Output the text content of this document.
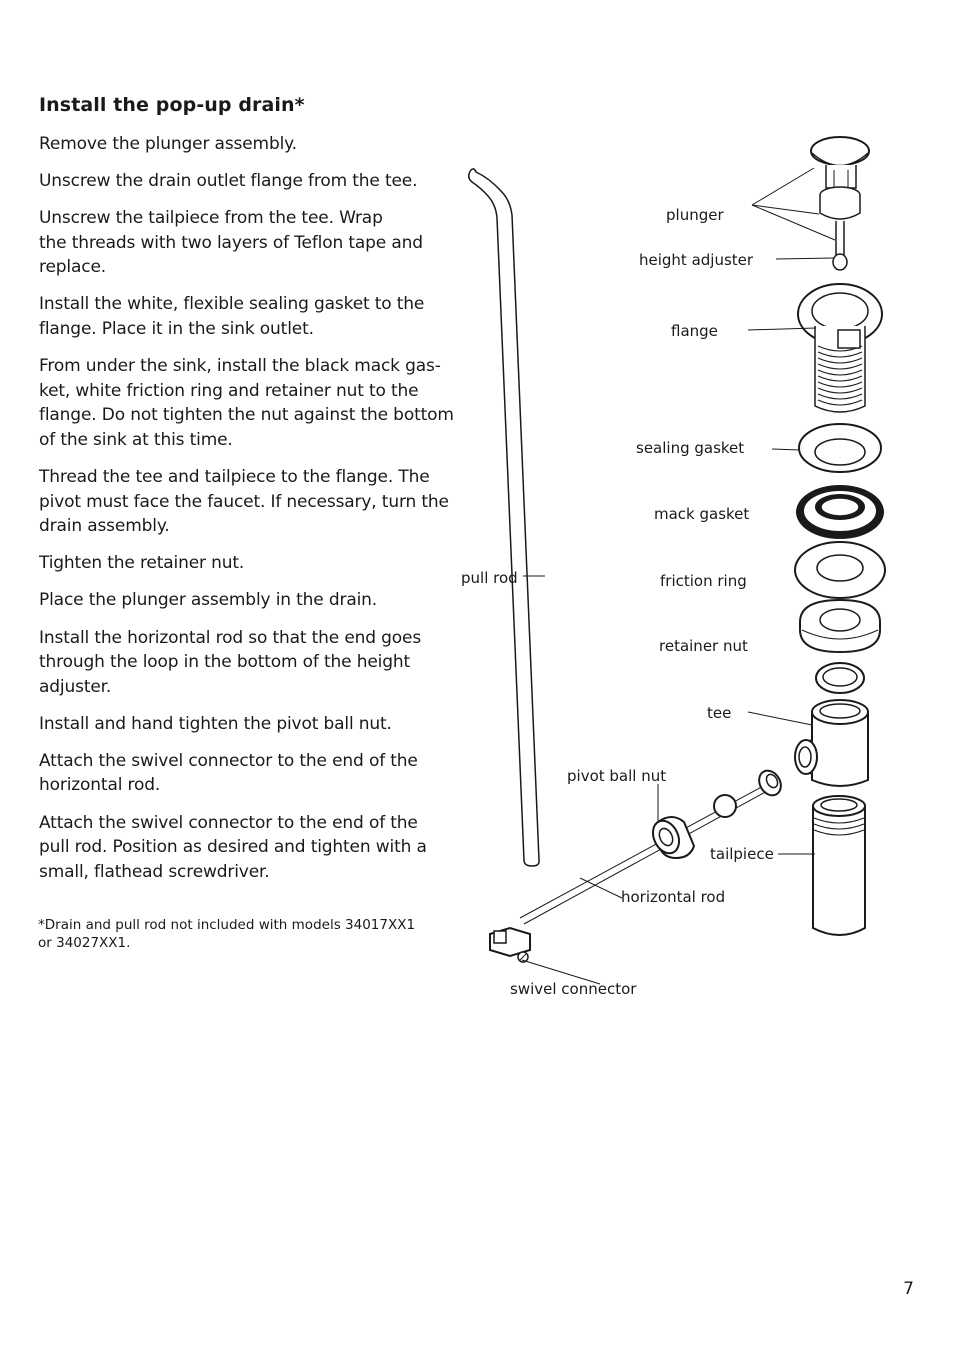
Install the pop-up drain*

Remove the plunger assembly.

Unscrew the drain outlet flange from the tee.

Unscrew the tailpiece from the tee. Wrap
the threads with two layers of Teflon tape and
replace.

Install the white, flexible sealing gasket to the
flange. Place it in the sink outlet.

From under the sink, install the black mack gas-
ket, white friction ring and retainer nut to the
flange. Do not tighten the nut against the bottom
of the sink at this time.

Thread the tee and tailpiece to the flange. The
pivot must face the faucet. If necessary, turn the
drain assembly.

Tighten the retainer nut.

Place the plunger assembly in the drain.

Install the horizontal rod so that the end goes
through the loop in the bottom of the height
adjuster.

Install and hand tighten the pivot ball nut.

Attach the swivel connector to the end of the
horizontal rod.

Attach the swivel connector to the end of the
pull rod. Position as desired and tighten with a
small, flathead screwdriver.

*Drain and pull rod not included with models 34017XX1
or 34027XX1.

plunger
height adjuster
flange
sealing gasket
mack gasket
friction ring
retainer nut
tee
pull rod
pivot ball nut
tailpiece
horizontal rod
swivel connector
7
